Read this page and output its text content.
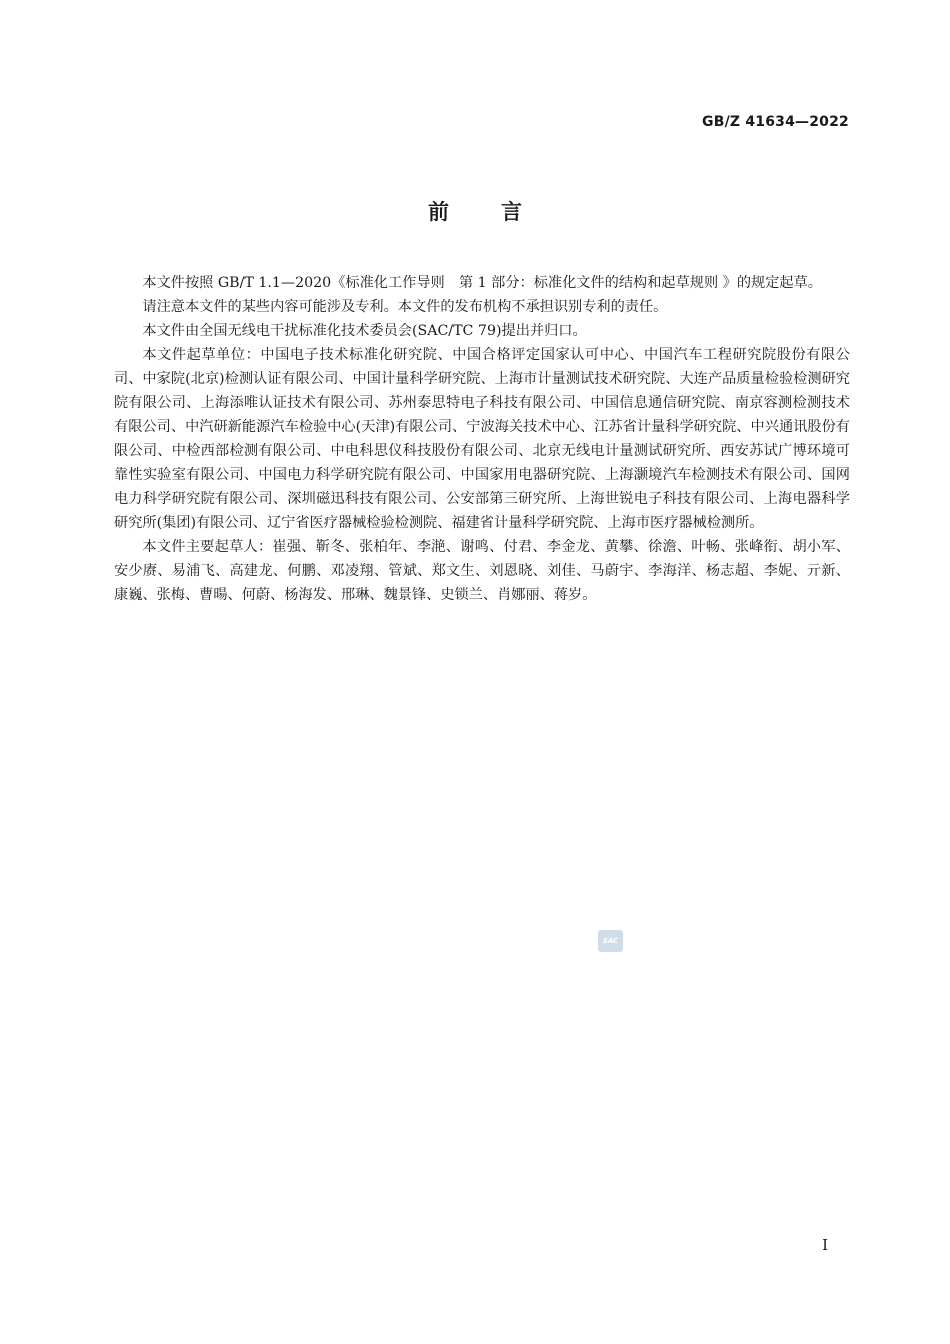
GB/Z 41634—2022
前言

本文件按照 GB/T 1.1—2020《标准化工作导则　第 1 部分：标准化文件的结构和起草规则 》的规定起草。

请注意本文件的某些内容可能涉及专利。本文件的发布机构不承担识别专利的责任。

本文件由全国无线电干扰标准化技术委员会(SAC/TC 79)提出并归口。

本文件起草单位：中国电子技术标准化研究院、中国合格评定国家认可中心、中国汽车工程研究院股份有限公司、中家院(北京)检测认证有限公司、中国计量科学研究院、上海市计量测试技术研究院、大连产品质量检验检测研究院有限公司、上海添唯认证技术有限公司、苏州泰思特电子科技有限公司、中国信息通信研究院、南京容测检测技术有限公司、中汽研新能源汽车检验中心(天津)有限公司、宁波海关技术中心、江苏省计量科学研究院、中兴通讯股份有限公司、中检西部检测有限公司、中电科思仪科技股份有限公司、北京无线电计量测试研究所、西安苏试广博环境可靠性实验室有限公司、中国电力科学研究院有限公司、中国家用电器研究院、上海灏境汽车检测技术有限公司、国网电力科学研究院有限公司、深圳磁迅科技有限公司、公安部第三研究所、上海世锐电子科技有限公司、上海电器科学研究所(集团)有限公司、辽宁省医疗器械检验检测院、福建省计量科学研究院、上海市医疗器械检测所。

本文件主要起草人：崔强、靳冬、张柏年、李滟、谢鸣、付君、李金龙、黄攀、徐澹、叶畅、张峰衔、胡小军、安少赓、易浦飞、高建龙、何鹏、邓凌翔、管斌、郑文生、刘恩晓、刘佳、马蔚宇、李海洋、杨志超、李妮、亓新、康巍、张梅、曹暘、何蔚、杨海发、邢琳、魏景锋、史锁兰、肖娜丽、蒋岁。

SAC
I
